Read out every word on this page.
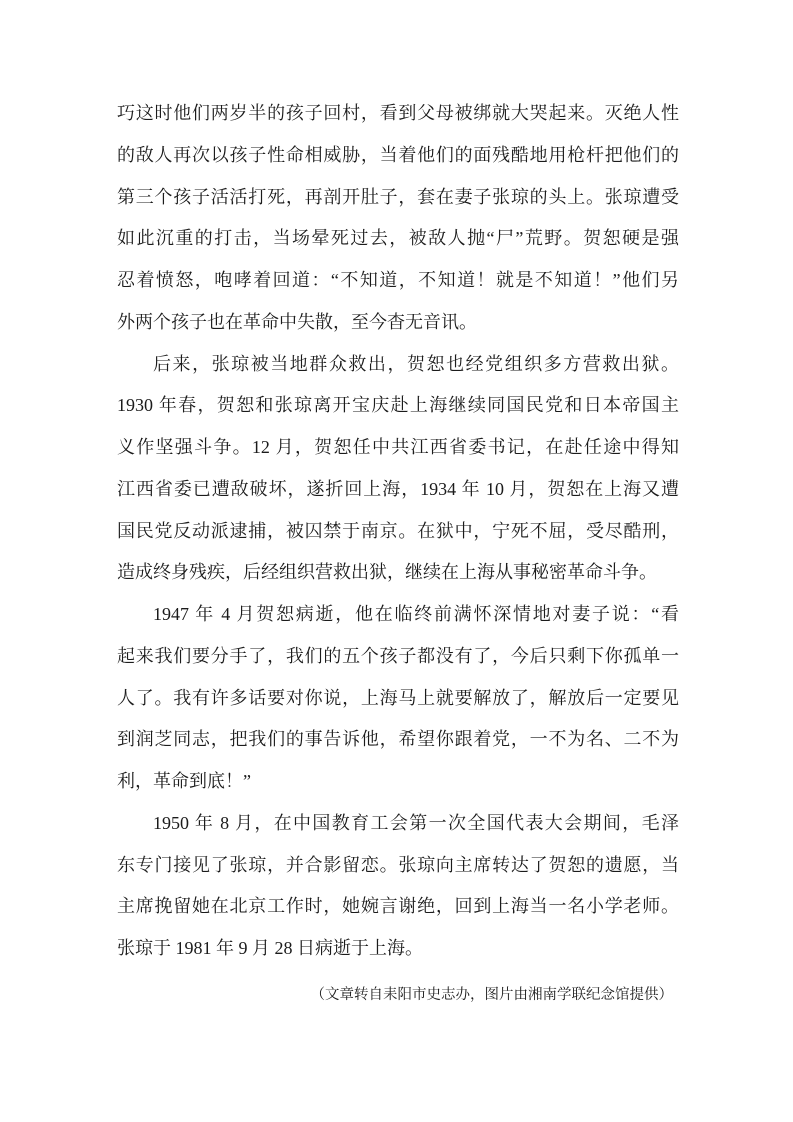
巧这时他们两岁半的孩子回村，看到父母被绑就大哭起来。灭绝人性
的敌人再次以孩子性命相威胁，当着他们的面残酷地用枪杆把他们的
第三个孩子活活打死，再剖开肚子，套在妻子张琼的头上。张琼遭受
如此沉重的打击，当场晕死过去，被敌人抛“尸”荒野。贺恕硬是强
忍着愤怒，咆哮着回道：“不知道，不知道！就是不知道！”他们另
外两个孩子也在革命中失散，至今杳无音讯。
后来，张琼被当地群众救出，贺恕也经党组织多方营救出狱。
1930 年春，贺恕和张琼离开宝庆赴上海继续同国民党和日本帝国主
义作坚强斗争。12 月，贺恕任中共江西省委书记，在赴任途中得知
江西省委已遭敌破坏，遂折回上海，1934 年 10 月，贺恕在上海又遭
国民党反动派逮捕，被囚禁于南京。在狱中，宁死不屈，受尽酷刑，
造成终身残疾，后经组织营救出狱，继续在上海从事秘密革命斗争。
1947 年 4 月贺恕病逝，他在临终前满怀深情地对妻子说：“看
起来我们要分手了，我们的五个孩子都没有了，今后只剩下你孤单一
人了。我有许多话要对你说，上海马上就要解放了，解放后一定要见
到润芝同志，把我们的事告诉他，希望你跟着党，一不为名、二不为
利，革命到底！”
1950 年 8 月，在中国教育工会第一次全国代表大会期间，毛泽
东专门接见了张琼，并合影留恋。张琼向主席转达了贺恕的遗愿，当
主席挽留她在北京工作时，她婉言谢绝，回到上海当一名小学老师。
张琼于 1981 年 9 月 28 日病逝于上海。
（文章转自耒阳市史志办，图片由湘南学联纪念馆提供）
